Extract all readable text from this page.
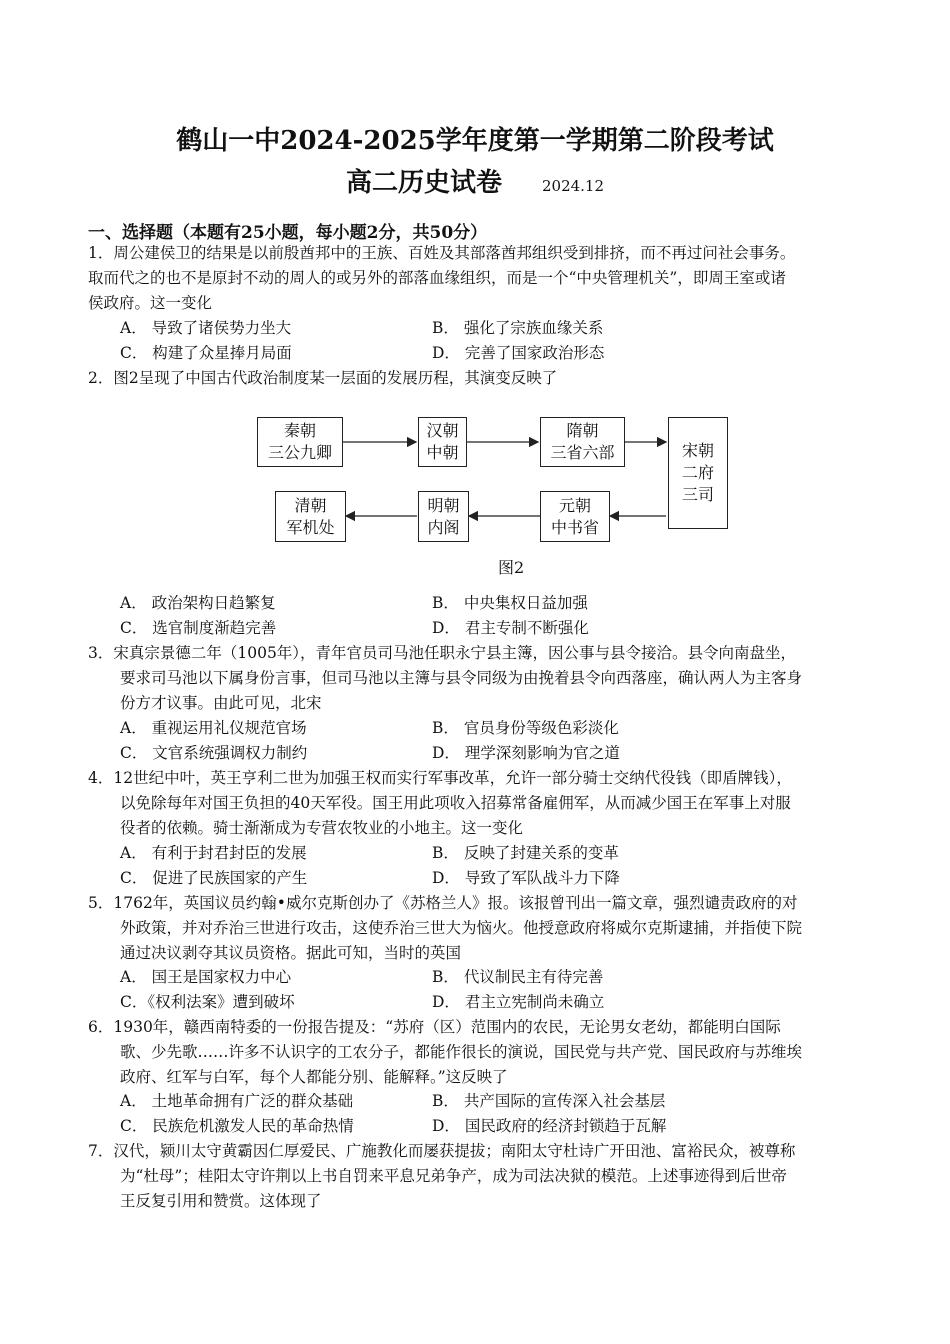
鹤山一中2024-2025学年度第一学期第二阶段考试
高二历史试卷	2024.12
一、选择题（本题有25小题，每小题2分，共50分）
1．周公建侯卫的结果是以前殷酋邦中的王族、百姓及其部落酋邦组织受到排挤，而不再过问社会事务。
取而代之的也不是原封不动的周人的或另外的部落血缘组织，而是一个“中央管理机关”，即周王室或诸
侯政府。这一变化
A． 导致了诸侯势力坐大	B． 强化了宗族血缘关系
C． 构建了众星捧月局面	D． 完善了国家政治形态
2．图2呈现了中国古代政治制度某一层面的发展历程，其演变反映了
秦朝
三公九卿
汉朝
中朝
隋朝
三省六部	宋朝
二府
三司
元朝
中书省
明朝
内阁
清朝
军机处
图2
A． 政治架构日趋繁复	B． 中央集权日益加强
C． 选官制度渐趋完善	D． 君主专制不断强化
3．宋真宗景德二年（1005年），青年官员司马池任职永宁县主簿，因公事与县令接洽。县令向南盘坐，
要求司马池以下属身份言事，但司马池以主簿与县令同级为由挽着县令向西落座，确认两人为主客身
份方才议事。由此可见，北宋
A． 重视运用礼仪规范官场	B． 官员身份等级色彩淡化
C． 文官系统强调权力制约	D． 理学深刻影响为官之道
4．12世纪中叶，英王亨利二世为加强王权而实行军事改革，允许一部分骑士交纳代役钱（即盾牌钱），
以免除每年对国王负担的40天军役。国王用此项收入招募常备雇佣军，从而减少国王在军事上对服
役者的依赖。骑士渐渐成为专营农牧业的小地主。这一变化
A． 有利于封君封臣的发展	B． 反映了封建关系的变革
C． 促进了民族国家的产生	D． 导致了军队战斗力下降
5．1762年，英国议员约翰•威尔克斯创办了《苏格兰人》报。该报曾刊出一篇文章，强烈谴责政府的对
外政策，并对乔治三世进行攻击，这使乔治三世大为恼火。他授意政府将威尔克斯逮捕，并指使下院
通过决议剥夺其议员资格。据此可知，当时的英国
A． 国王是国家权力中心	B． 代议制民主有待完善
C．《权利法案》遭到破坏	D． 君主立宪制尚未确立
6．1930年，赣西南特委的一份报告提及：“苏府（区）范围内的农民，无论男女老幼，都能明白国际
歌、少先歌……许多不认识字的工农分子，都能作很长的演说，国民党与共产党、国民政府与苏维埃
政府、红军与白军，每个人都能分别、能解释。”这反映了
A． 土地革命拥有广泛的群众基础	B． 共产国际的宣传深入社会基层
C． 民族危机激发人民的革命热情	D． 国民政府的经济封锁趋于瓦解
7．汉代，颍川太守黄霸因仁厚爱民、广施教化而屡获提拔；南阳太守杜诗广开田池、富裕民众，被尊称
为“杜母”；桂阳太守许荆以上书自罚来平息兄弟争产，成为司法决狱的模范。上述事迹得到后世帝
王反复引用和赞赏。这体现了
